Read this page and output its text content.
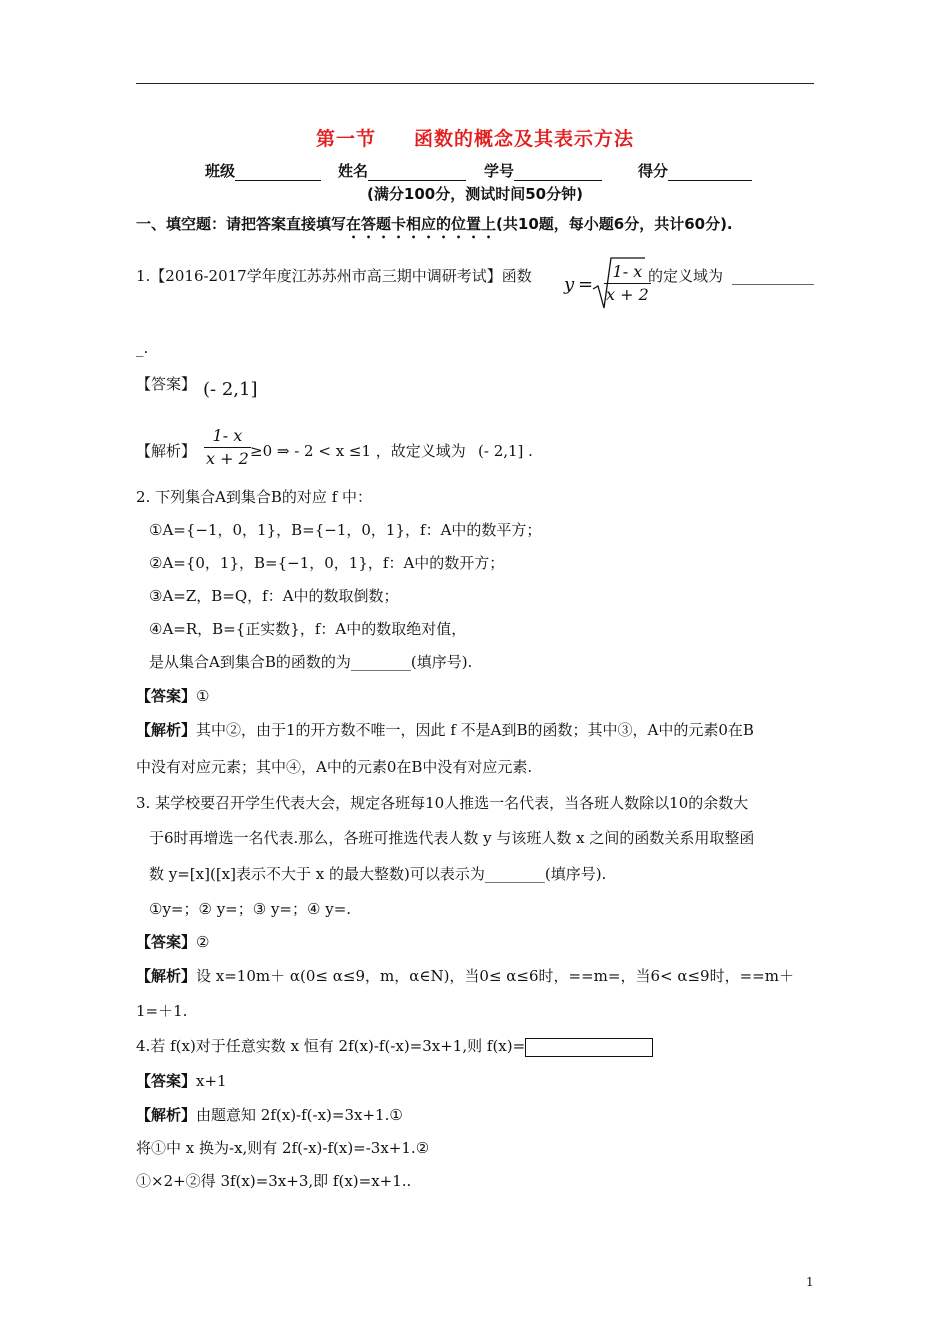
第一节 函数的概念及其表示方法
班级	姓名	学号	得分
(满分100分，测试时间50分钟)
一、填空题：请把答案直接填写在答题卡相应的位置上(共10题，每小题6分，共计60分).
1.【2016-2017学年度江苏苏州市高三期中调研考试】函数 $y = \frac{1- x}{x + 2}$
的定义域为
_.
【答案】 (- 2,1]
【解析】 $\frac{1- x}{x + 2} \ge 0$ ⇒ - 2 < x ≤1 ，故定义域为 (- 2,1] .
2. 下列集合A到集合B的对应 f 中：
①A={−1，0，1}，B={−1，0，1}，f：A中的数平方；
②A={0，1}，B={−1，0，1}，f：A中的数开方；
③A=Z，B=Q，f：A中的数取倒数；
④A=R，B={正实数}，f：A中的数取绝对值，
是从集合A到集合B的函数的为________(填序号).
【答案】①
【解析】其中②，由于1的开方数不唯一，因此 f 不是A到B的函数；其中③，A中的元素0在B
中没有对应元素；其中④，A中的元素0在B中没有对应元素.
3. 某学校要召开学生代表大会，规定各班每10人推选一名代表，当各班人数除以10的余数大
于6时再增选一名代表.那么，各班可推选代表人数 y 与该班人数 x 之间的函数关系用取整函
数 y=[x]([x]表示不大于 x 的最大整数)可以表示为________(填序号).
①y=；② y=；③ y=；④ y=.
【答案】②
【解析】设 x=10m＋ α(0≤ α≤9，m，α∈N)，当0≤ α≤6时，==m=，当6< α≤9时，==m＋
1=＋1.
4.若 f(x)对于任意实数 x 恒有 2f(x)-f(-x)=3x+1,则 f(x)=
【答案】x+1
【解析】由题意知 2f(x)-f(-x)=3x+1.①
将①中 x 换为-x,则有 2f(-x)-f(x)=-3x+1.②
①×2+②得 3f(x)=3x+3,即 f(x)=x+1..
1
